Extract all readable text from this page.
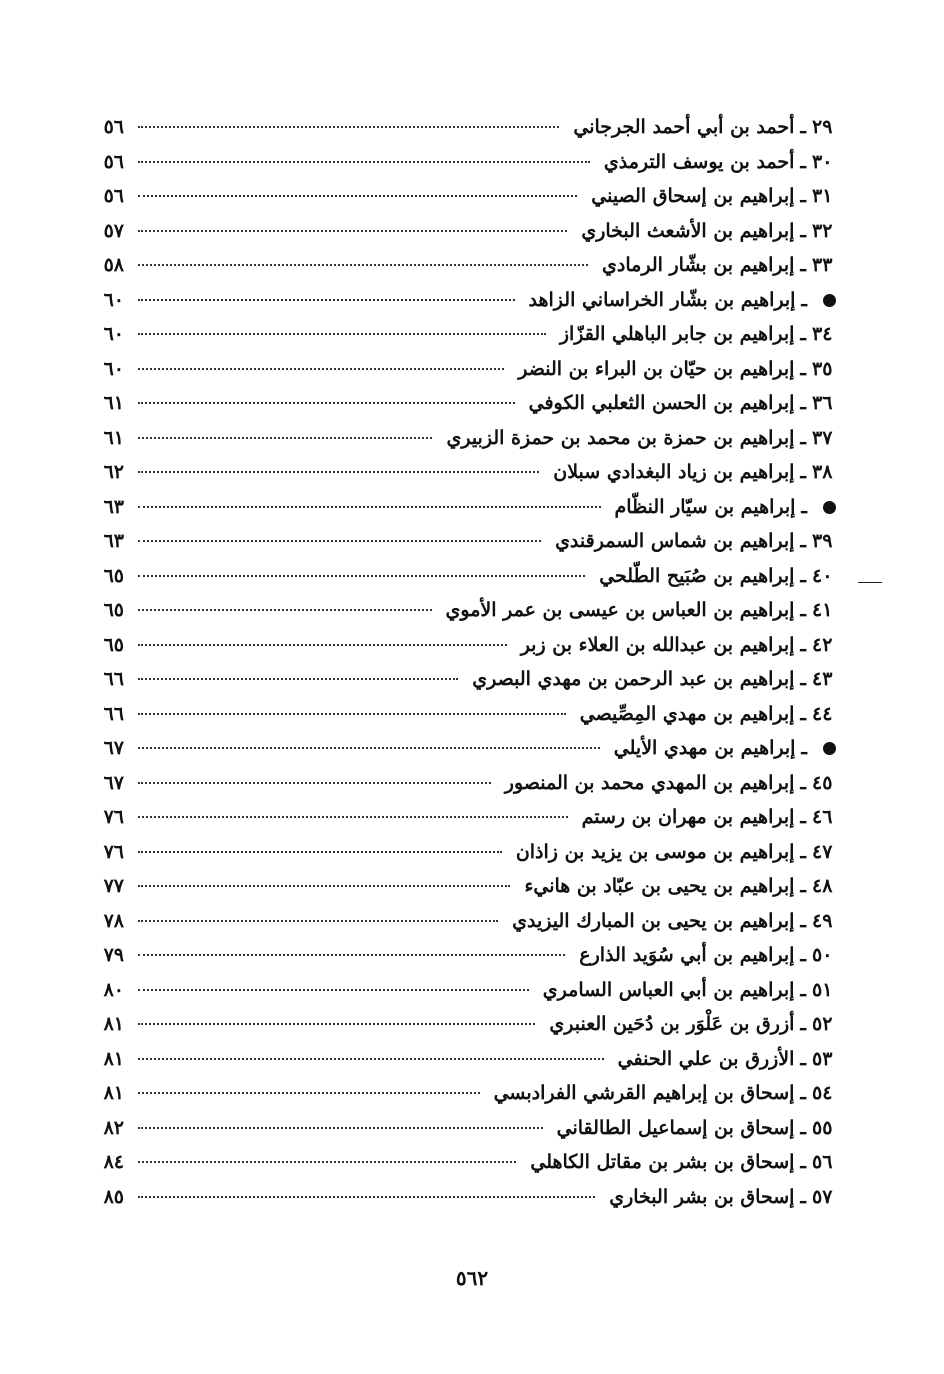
٢٩
ـ
أحمد بن أبي أحمد الجرجاني
٥٦
٣٠
ـ
أحمد بن يوسف الترمذي
٥٦
٣١
ـ
إبراهيم بن إسحاق الصيني
٥٦
٣٢
ـ
إبراهيم بن الأشعث البخاري
٥٧
٣٣
ـ
إبراهيم بن بشّار الرمادي
٥٨
ـ
إبراهيم بن بشّار الخراساني الزاهد
٦٠
٣٤
ـ
إبراهيم بن جابر الباهلي القزّاز
٦٠
٣٥
ـ
إبراهيم بن حيّان بن البراء بن النضر
٦٠
٣٦
ـ
إبراهيم بن الحسن الثعلبي الكوفي
٦١
٣٧
ـ
إبراهيم بن حمزة بن محمد بن حمزة الزبيري
٦١
٣٨
ـ
إبراهيم بن زياد البغدادي سبلان
٦٢
ـ
إبراهيم بن سيّار النظّام
٦٣
٣٩
ـ
إبراهيم بن شماس السمرقندي
٦٣
٤٠
ـ
إبراهيم بن صُبَيح الطّلحي
٦٥
٤١
ـ
إبراهيم بن العباس بن عيسى بن عمر الأموي
٦٥
٤٢
ـ
إبراهيم بن عبدالله بن العلاء بن زبر
٦٥
٤٣
ـ
إبراهيم بن عبد الرحمن بن مهدي البصري
٦٦
٤٤
ـ
إبراهيم بن مهدي المِصِّيصي
٦٦
ـ
إبراهيم بن مهدي الأيلي
٦٧
٤٥
ـ
إبراهيم بن المهدي محمد بن المنصور
٦٧
٤٦
ـ
إبراهيم بن مهران بن رستم
٧٦
٤٧
ـ
إبراهيم بن موسى بن يزيد بن زاذان
٧٦
٤٨
ـ
إبراهيم بن يحيى بن عبّاد بن هانيء
٧٧
٤٩
ـ
إبراهيم بن يحيى بن المبارك اليزيدي
٧٨
٥٠
ـ
إبراهيم بن أبي سُوَيد الذارع
٧٩
٥١
ـ
إبراهيم بن أبي العباس السامري
٨٠
٥٢
ـ
أزرق بن عَلْوَر بن دُحَين العنبري
٨١
٥٣
ـ
الأزرق بن علي الحنفي
٨١
٥٤
ـ
إسحاق بن إبراهيم القرشي الفرادبسي
٨١
٥٥
ـ
إسحاق بن إسماعيل الطالقاني
٨٢
٥٦
ـ
إسحاق بن بشر بن مقاتل الكاهلي
٨٤
٥٧
ـ
إسحاق بن بشر البخاري
٨٥
٥٦٢
